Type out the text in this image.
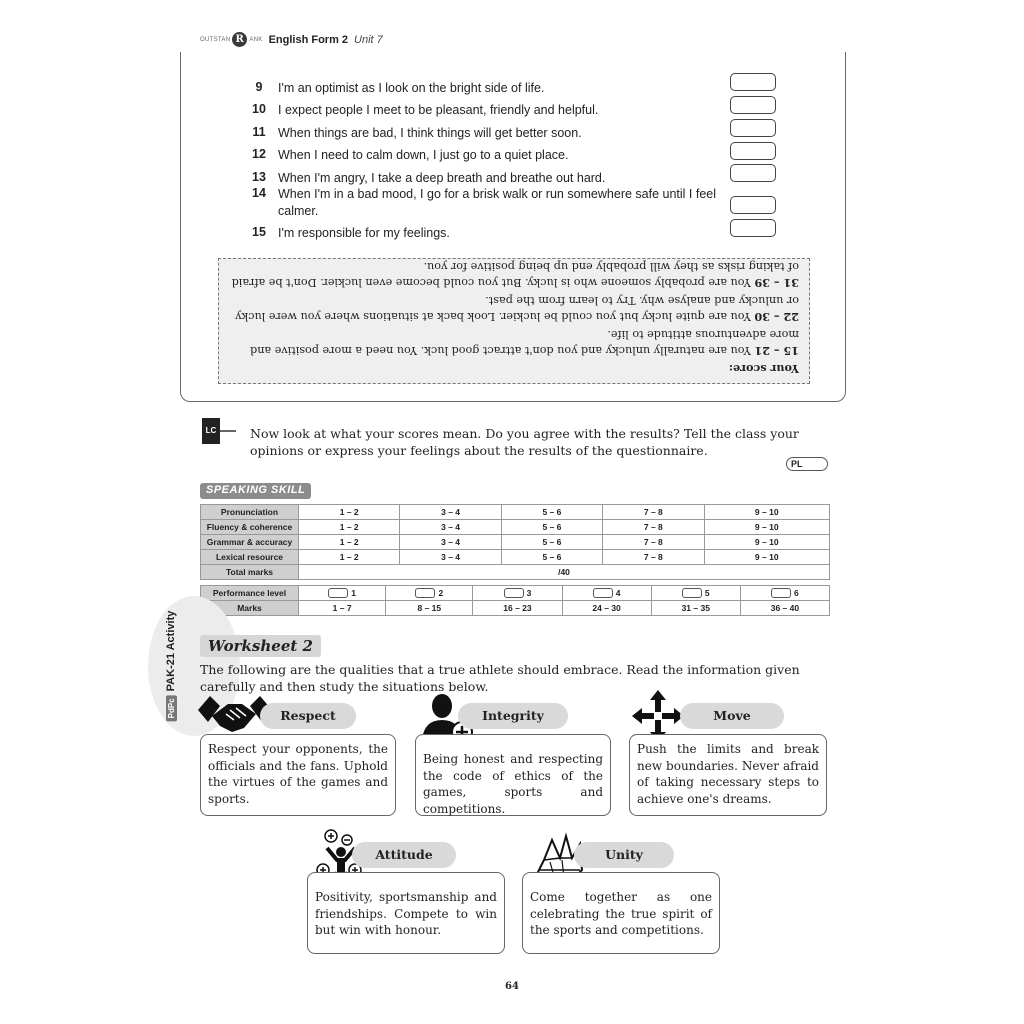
OUTSTAN R ANK English Form 2 Unit 7
9	I'm an optimist as I look on the bright side of life.
10 I expect people I meet to be pleasant, friendly and helpful.
11 When things are bad, I think things will get better soon.
12 When I need to calm down, I just go to a quiet place.
13 When I'm angry, I take a deep breath and breathe out hard.
14 When I'm in a bad mood, I go for a brisk walk or run somewhere safe until I feel calmer.
15 I'm responsible for my feelings.

Your score:

15 – 21 You are naturally unlucky and you don't attract good luck. You need a more positive and more adventurous attitude to life.

22 – 30 You are quite lucky but you could be luckier. Look back at situations where you were lucky or unlucky and analyse why. Try to learn from the past.

31 – 39 You are probably someone who is lucky. But you could become even luckier. Don't be afraid of taking risks as they will probably end up being positive for you.

LC	Now look at what your scores mean. Do you agree with the results? Tell the class your opinions or express your feelings about the results of the questionnaire.
PL
SPEAKING SKILL
Pronunciation	1 – 2	3 – 4	5 – 6	7 – 8	9 – 10
Fluency & coherence	1 – 2	3 – 4	5 – 6	7 – 8	9 – 10
Grammar & accuracy	1 – 2	3 – 4	5 – 6	7 – 8	9 – 10
Lexical resource	1 – 2	3 – 4	5 – 6	7 – 8	9 – 10
Total marks	/40				
Performance level	1	2	3	4	5	6
Marks	1 – 7	8 – 15	16 – 23	24 – 30	31 – 35	36 – 40
PdPcPAK-21 Activity	Worksheet 2
The following are the qualities that a true athlete should embrace. Read the information given carefully and then study the situations below.
Respect
Respect your opponents, the officials and the fans. Uphold the virtues of the games and sports.
Integrity
Being honest and respecting the code of ethics of the games, sports and competitions.
Move
Push the limits and break new boundaries. Never afraid of taking necessary steps to achieve one's dreams.
Attitude
Positivity, sportsmanship and friendships. Compete to win but win with honour.
Unity
Come together as one celebrating the true spirit of the sports and competitions.
64
